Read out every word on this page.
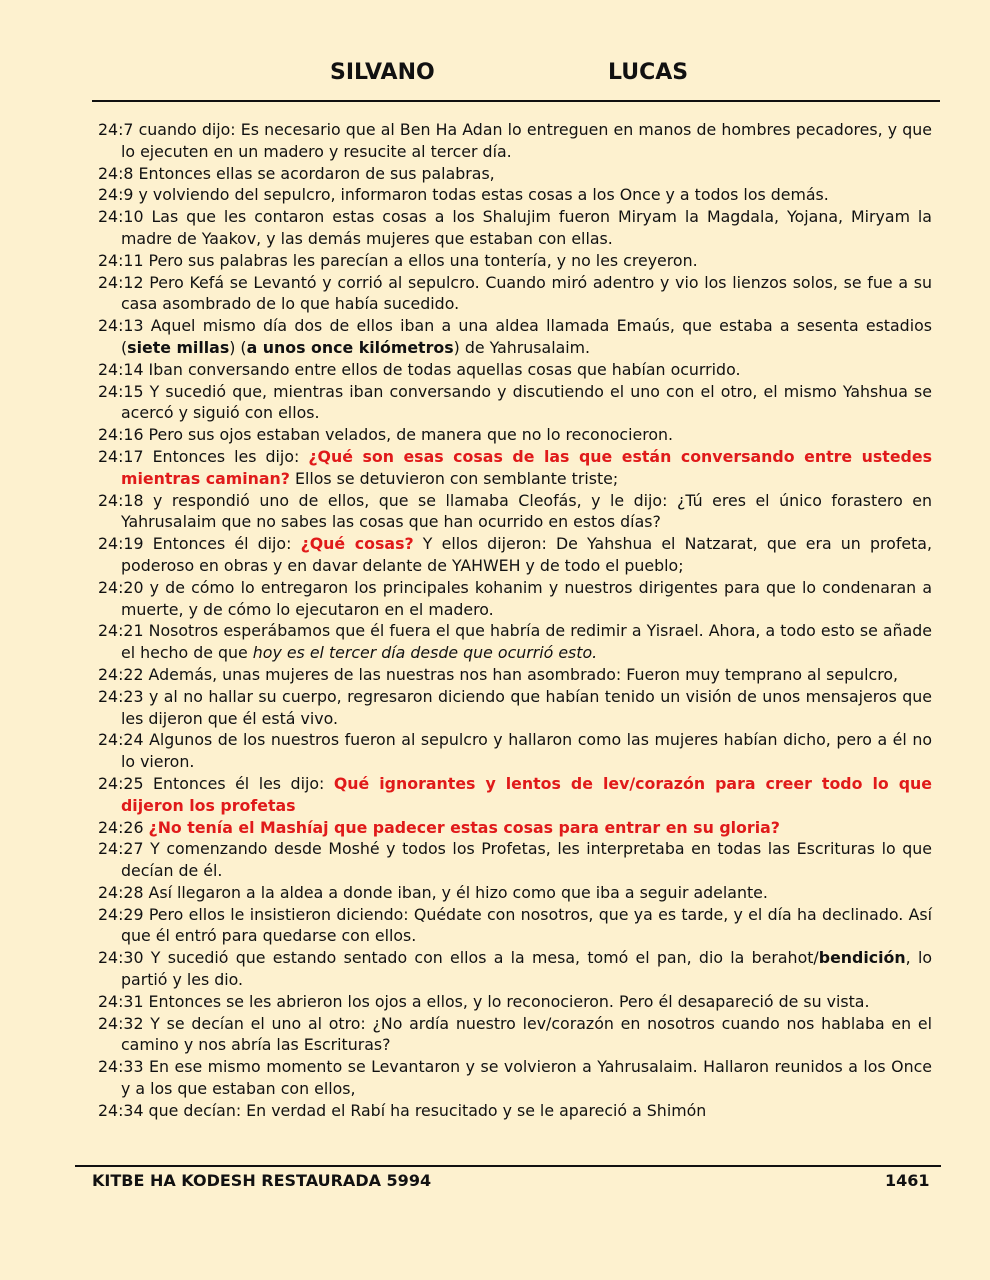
SILVANO	LUCAS

24:7 cuando dijo: Es necesario que al Ben Ha Adan lo entreguen en manos de hombres pecadores, y que lo ejecuten en un madero y resucite al tercer día.

24:8 Entonces ellas se acordaron de sus palabras,

24:9 y volviendo del sepulcro, informaron todas estas cosas a los Once y a todos los demás.

24:10 Las que les contaron estas cosas a los Shalujim fueron Miryam la Magdala, Yojana, Miryam la madre de Yaakov, y las demás mujeres que estaban con ellas.

24:11 Pero sus palabras les parecían a ellos una tontería, y no les creyeron.

24:12 Pero Kefá se Levantó y corrió al sepulcro. Cuando miró adentro y vio los lienzos solos, se fue a su casa asombrado de lo que había sucedido.

24:13 Aquel mismo día dos de ellos iban a una aldea llamada Emaús, que estaba a sesenta estadios (siete millas) (a unos once kilómetros) de Yahrusalaim.

24:14 Iban conversando entre ellos de todas aquellas cosas que habían ocurrido.

24:15 Y sucedió que, mientras iban conversando y discutiendo el uno con el otro, el mismo Yahshua se acercó y siguió con ellos.

24:16 Pero sus ojos estaban velados, de manera que no lo reconocieron.

24:17 Entonces les dijo: ¿Qué son esas cosas de las que están conversando entre ustedes mientras caminan? Ellos se detuvieron con semblante triste;

24:18 y respondió uno de ellos, que se llamaba Cleofás, y le dijo: ¿Tú eres el único forastero en Yahrusalaim que no sabes las cosas que han ocurrido en estos días?

24:19 Entonces él dijo: ¿Qué cosas? Y ellos dijeron: De Yahshua el Natzarat, que era un profeta, poderoso en obras y en davar delante de YAHWEH y de todo el pueblo;

24:20 y de cómo lo entregaron los principales kohanim y nuestros dirigentes para que lo condenaran a muerte, y de cómo lo ejecutaron en el madero.

24:21 Nosotros esperábamos que él fuera el que habría de redimir a Yisrael. Ahora, a todo esto se añade el hecho de que hoy es el tercer día desde que ocurrió esto.

24:22 Además, unas mujeres de las nuestras nos han asombrado: Fueron muy temprano al sepulcro,

24:23 y al no hallar su cuerpo, regresaron diciendo que habían tenido un visión de unos mensajeros que les dijeron que él está vivo.

24:24 Algunos de los nuestros fueron al sepulcro y hallaron como las mujeres habían dicho, pero a él no lo vieron.

24:25 Entonces él les dijo: Qué ignorantes y lentos de lev/corazón para creer todo lo que dijeron los profetas

24:26 ¿No tenía el Mashíaj que padecer estas cosas para entrar en su gloria?

24:27 Y comenzando desde Moshé y todos los Profetas, les interpretaba en todas las Escrituras lo que decían de él.

24:28 Así llegaron a la aldea a donde iban, y él hizo como que iba a seguir adelante.

24:29 Pero ellos le insistieron diciendo: Quédate con nosotros, que ya es tarde, y el día ha declinado. Así que él entró para quedarse con ellos.

24:30 Y sucedió que estando sentado con ellos a la mesa, tomó el pan, dio la berahot/bendición, lo partió y les dio.

24:31 Entonces se les abrieron los ojos a ellos, y lo reconocieron. Pero él desapareció de su vista.

24:32 Y se decían el uno al otro: ¿No ardía nuestro lev/corazón en nosotros cuando nos hablaba en el camino y nos abría las Escrituras?

24:33 En ese mismo momento se Levantaron y se volvieron a Yahrusalaim. Hallaron reunidos a los Once y a los que estaban con ellos,

24:34 que decían: En verdad el Rabí ha resucitado y se le apareció a Shimón

KITBE HA KODESH RESTAURADA 5994	1461
